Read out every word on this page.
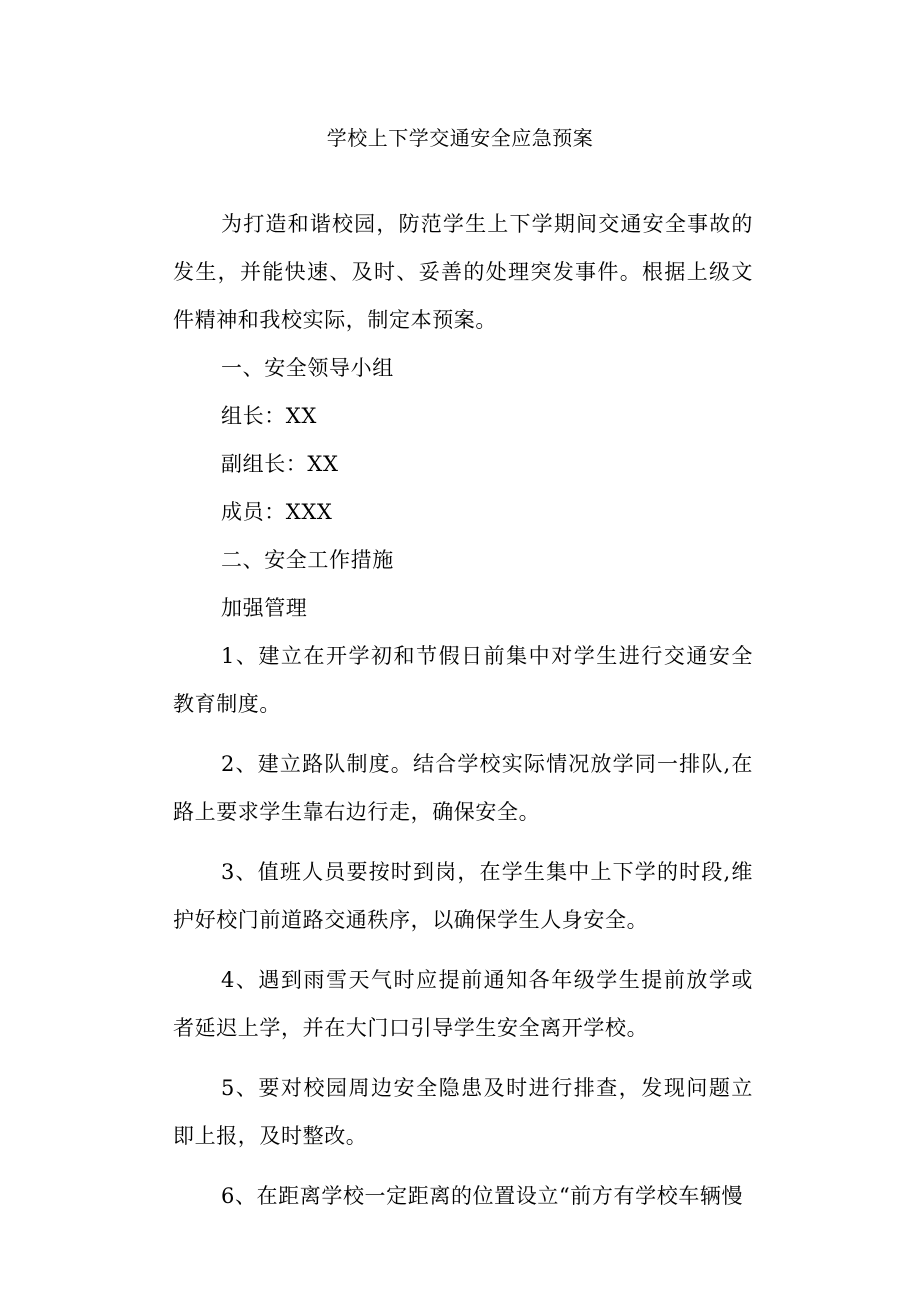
学校上下学交通安全应急预案

为打造和谐校园，防范学生上下学期间交通安全事故的发生，并能快速、及时、妥善的处理突发事件。根据上级文件精神和我校实际，制定本预案。

一、安全领导小组

组长：XX

副组长：XX

成员：XXX

二、安全工作措施

加强管理

1、建立在开学初和节假日前集中对学生进行交通安全教育制度。

2、建立路队制度。结合学校实际情况放学同一排队,在路上要求学生靠右边行走，确保安全。

3、值班人员要按时到岗，在学生集中上下学的时段,维护好校门前道路交通秩序，以确保学生人身安全。

4、遇到雨雪天气时应提前通知各年级学生提前放学或者延迟上学，并在大门口引导学生安全离开学校。

5、要对校园周边安全隐患及时进行排查，发现问题立即上报，及时整改。

6、在距离学校一定距离的位置设立“前方有学校车辆慢
